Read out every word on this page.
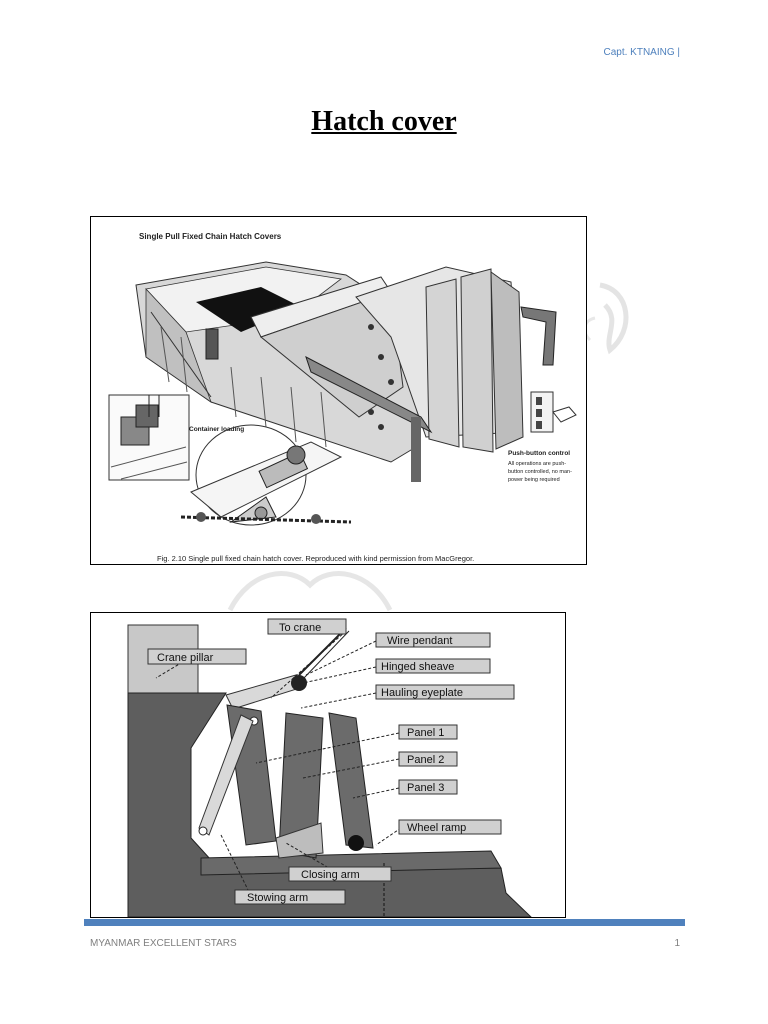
Capt. KTNAING |
Hatch cover
Single Pull Fixed Chain Hatch Covers
Container loading
Push-button control
All operations are push-
button controlled, no man-
power being required
Fig. 2.10 Single pull fixed chain hatch cover. Reproduced with kind permission from MacGregor.
To crane
Crane pillar
Wire pendant
Hinged sheave
Hauling eyeplate
Panel 1
Panel 2
Panel 3
Wheel ramp
Closing arm
Stowing arm
MYANMAR EXCELLENT STARS	1
